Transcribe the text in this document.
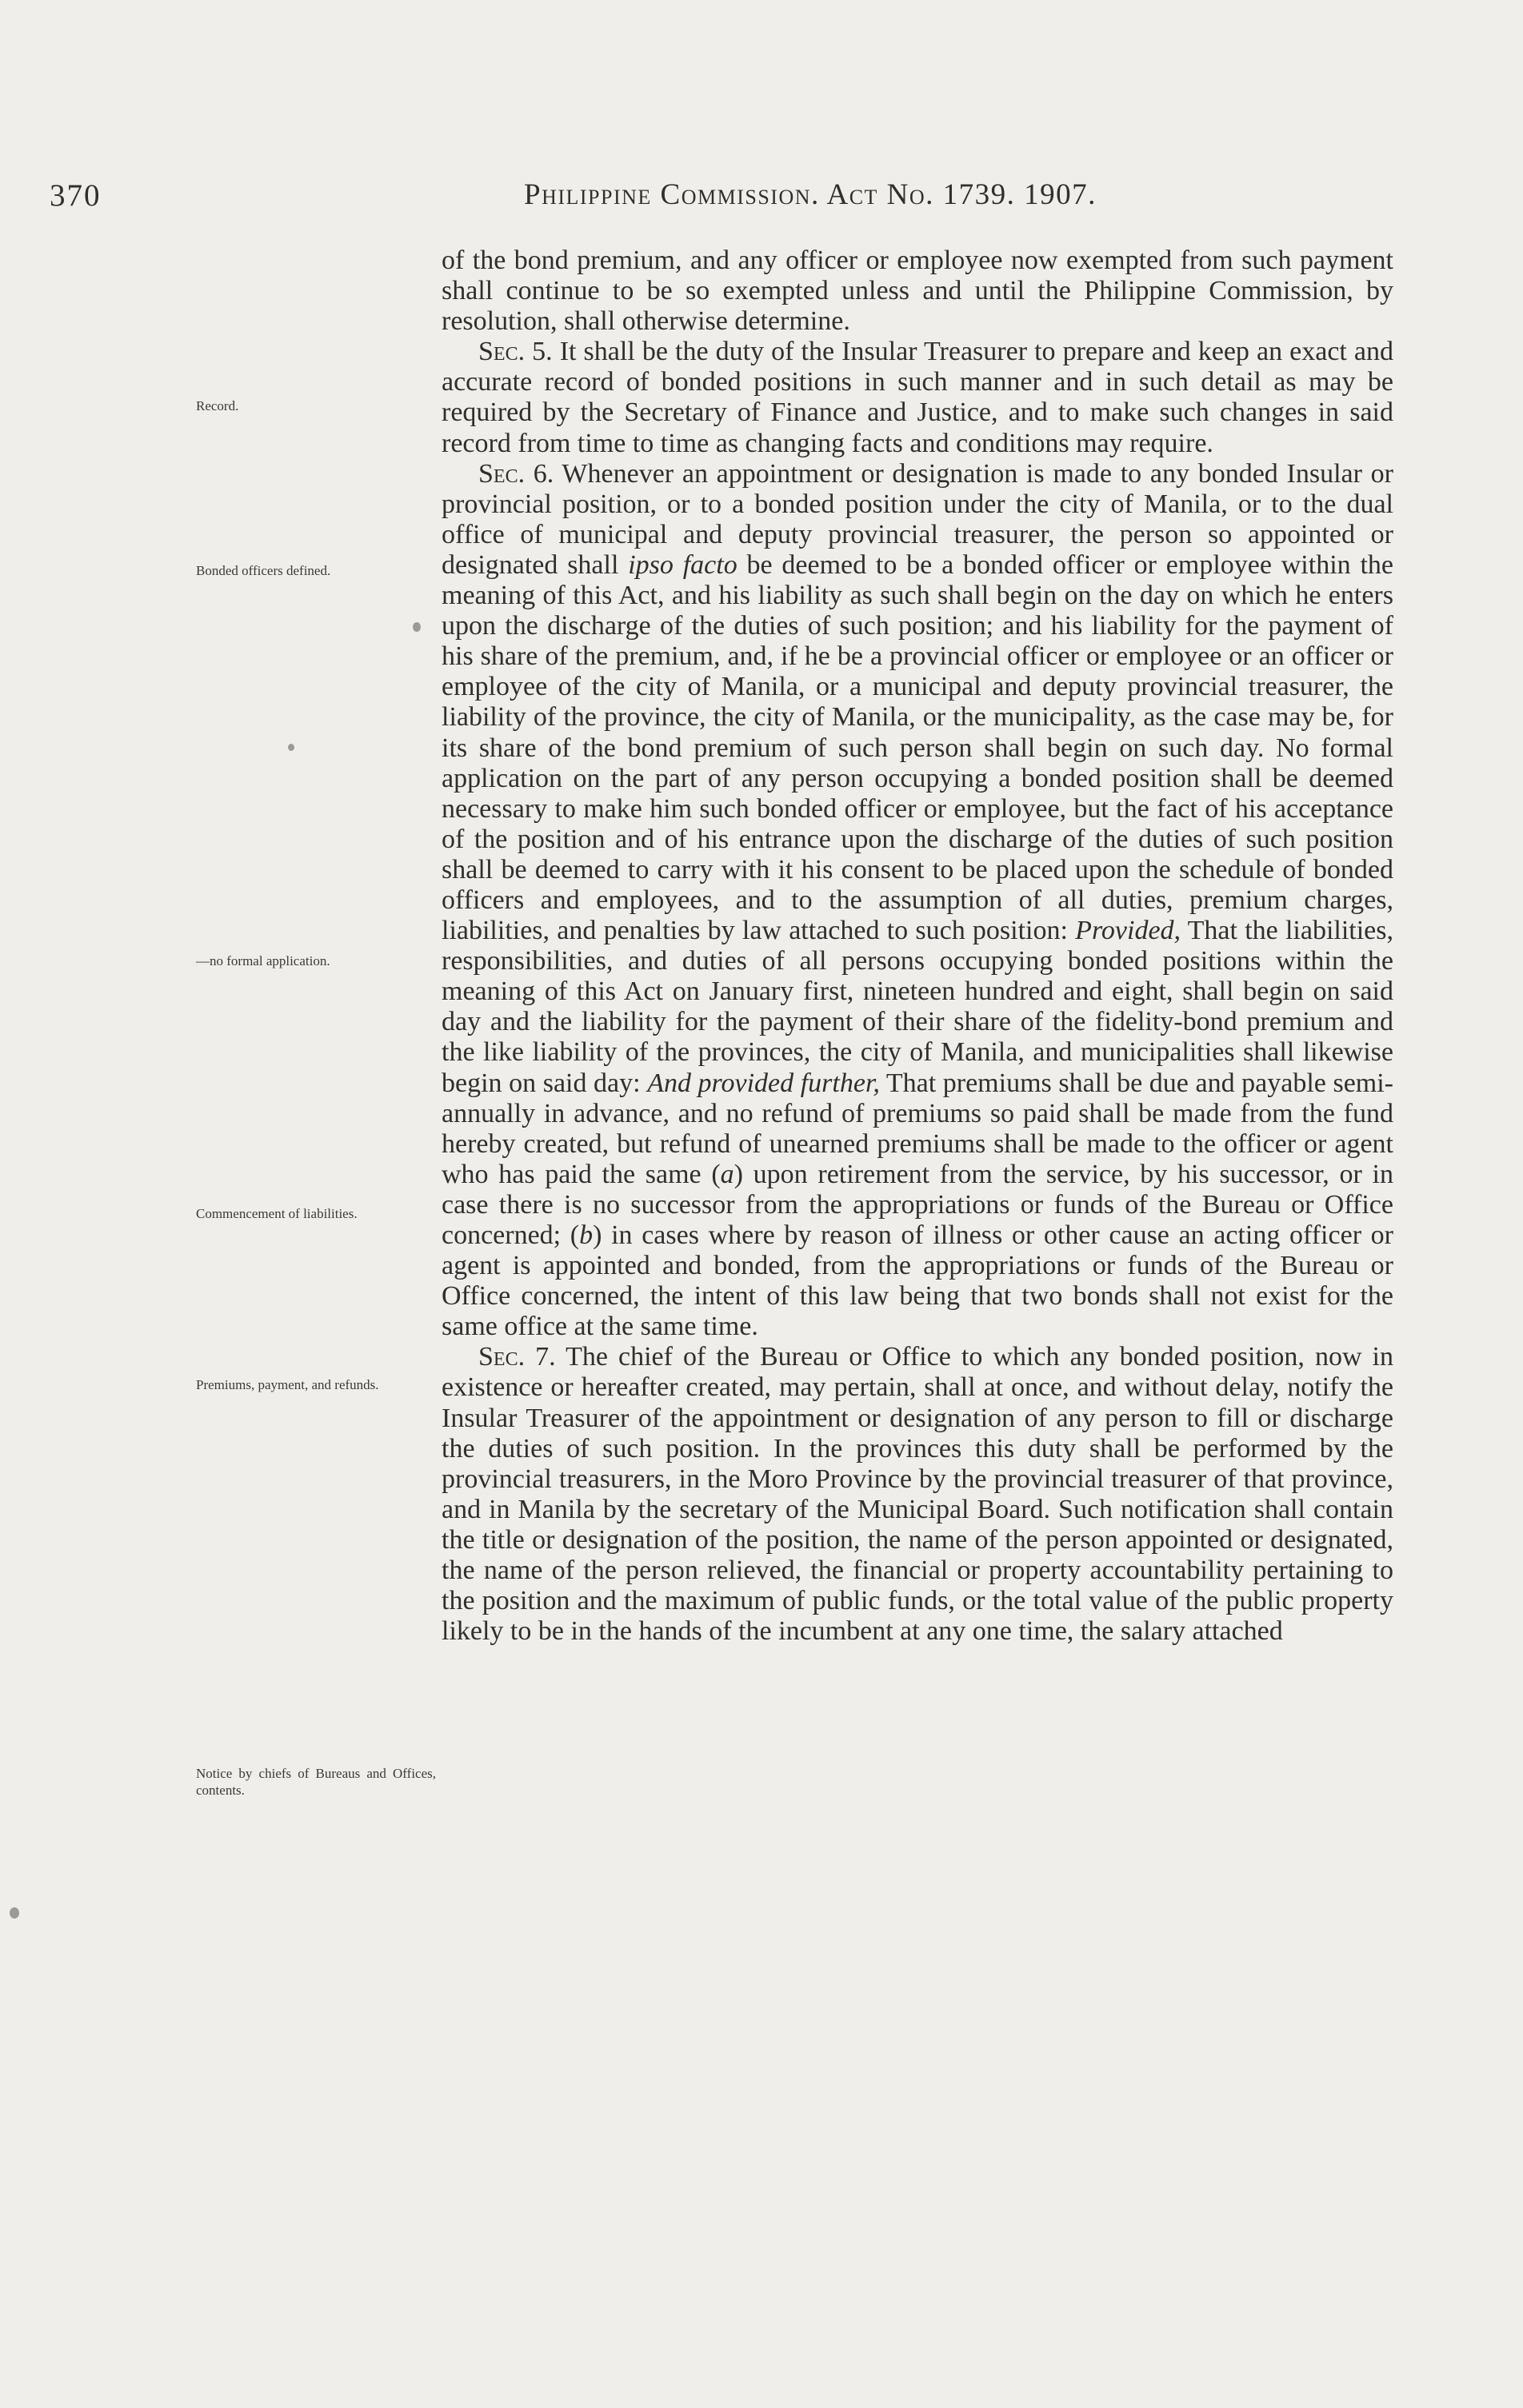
370	Philippine Commission. Act No. 1739. 1907.
Record.
Bonded officers defined.
—no formal application.
Commencement of liabilities.
Premiums, payment, and refunds.
Notice by chiefs of Bureaus and Offices, contents.

of the bond premium, and any officer or employee now exempted from such payment shall continue to be so exempted unless and until the Philippine Commission, by resolution, shall otherwise determine.

Sec. 5. It shall be the duty of the Insular Treasurer to prepare and keep an exact and accurate record of bonded positions in such manner and in such detail as may be required by the Secretary of Finance and Justice, and to make such changes in said record from time to time as changing facts and conditions may require.

Sec. 6. Whenever an appointment or designation is made to any bonded Insular or provincial position, or to a bonded position under the city of Manila, or to the dual office of municipal and deputy provincial treasurer, the person so appointed or designated shall ipso facto be deemed to be a bonded officer or employee within the meaning of this Act, and his liability as such shall begin on the day on which he enters upon the discharge of the duties of such position; and his liability for the payment of his share of the premium, and, if he be a provincial officer or employee or an officer or employee of the city of Manila, or a municipal and deputy provincial treasurer, the liability of the province, the city of Manila, or the municipality, as the case may be, for its share of the bond premium of such person shall begin on such day. No formal application on the part of any person occupying a bonded position shall be deemed necessary to make him such bonded officer or employee, but the fact of his acceptance of the position and of his entrance upon the discharge of the duties of such position shall be deemed to carry with it his consent to be placed upon the schedule of bonded officers and employees, and to the assumption of all duties, premium charges, liabilities, and penalties by law attached to such position: Provided, That the liabilities, responsibilities, and duties of all persons occupying bonded positions within the meaning of this Act on January first, nineteen hundred and eight, shall begin on said day and the liability for the payment of their share of the fidelity-bond premium and the like liability of the provinces, the city of Manila, and municipalities shall likewise begin on said day: And provided further, That premiums shall be due and payable semi-annually in advance, and no refund of premiums so paid shall be made from the fund hereby created, but refund of unearned premiums shall be made to the officer or agent who has paid the same (a) upon retirement from the service, by his successor, or in case there is no successor from the appropriations or funds of the Bureau or Office concerned; (b) in cases where by reason of illness or other cause an acting officer or agent is appointed and bonded, from the appropriations or funds of the Bureau or Office concerned, the intent of this law being that two bonds shall not exist for the same office at the same time.

Sec. 7. The chief of the Bureau or Office to which any bonded position, now in existence or hereafter created, may pertain, shall at once, and without delay, notify the Insular Treasurer of the appointment or designation of any person to fill or discharge the duties of such position. In the provinces this duty shall be performed by the provincial treasurers, in the Moro Province by the provincial treasurer of that province, and in Manila by the secretary of the Municipal Board. Such notification shall contain the title or designation of the position, the name of the person appointed or designated, the name of the person relieved, the financial or property accountability pertaining to the position and the maximum of public funds, or the total value of the public property likely to be in the hands of the incumbent at any one time, the salary attached
